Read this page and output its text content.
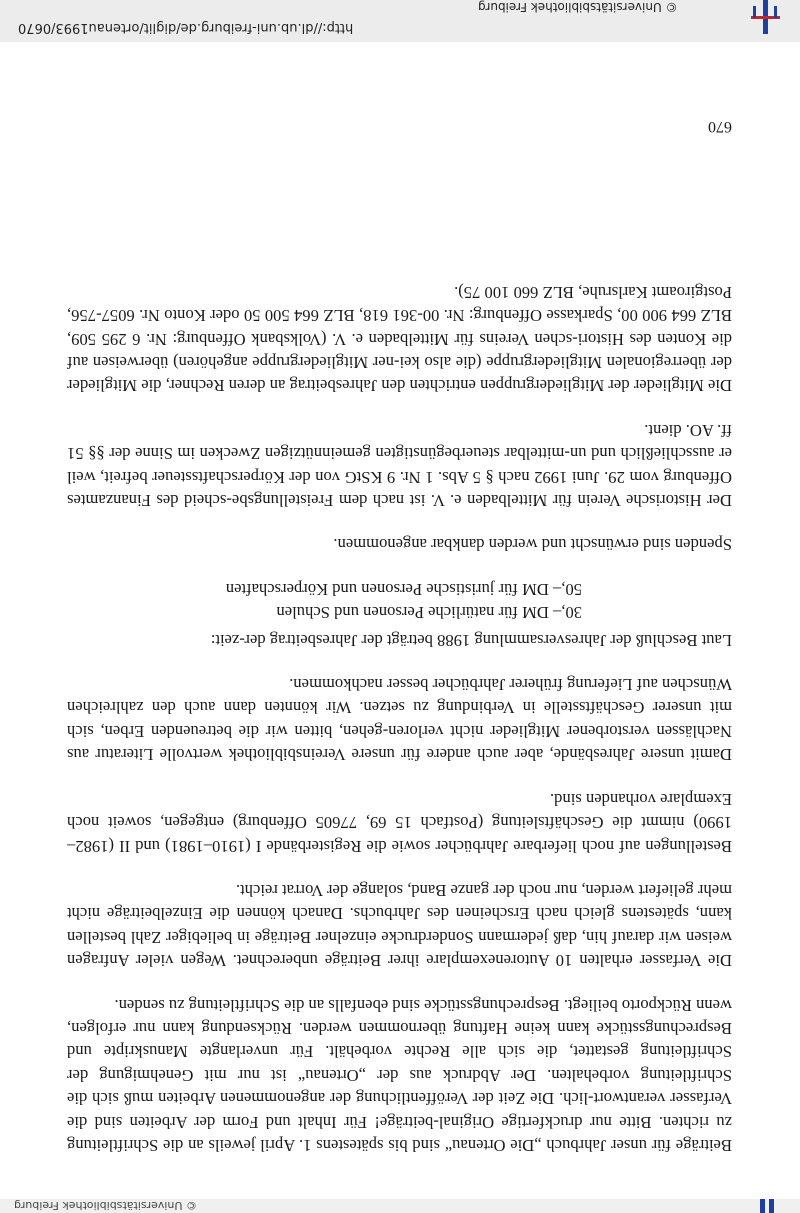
© Universitätsbibliothek Freiburg
http://dl.ub.uni-freiburg.de/diglit/ortenau1993/0670

Beiträge für unser Jahrbuch „Die Ortenau“ sind bis spätestens 1. April jeweils an die Schriftleitung zu richten. Bitte nur druckfertige Original-beiträge! Für Inhalt und Form der Arbeiten sind die Verfasser verantwort-lich. Die Zeit der Veröffentlichung der angenommenen Arbeiten muß sich die Schriftleitung vorbehalten. Der Abdruck aus der „Ortenau“ ist nur mit Genehmigung der Schriftleitung gestattet, die sich alle Rechte vorbehält. Für unverlangte Manuskripte und Besprechungsstücke kann keine Haftung übernommen werden. Rücksendung kann nur erfolgen, wenn Rückporto beiliegt. Besprechungsstücke sind ebenfalls an die Schriftleitung zu senden.

Die Verfasser erhalten 10 Autorenexemplare ihrer Beiträge unberechnet. Wegen vieler Anfragen weisen wir darauf hin, daß jedermann Sonderdrucke einzelner Beiträge in beliebiger Zahl bestellen kann, spätestens gleich nach Erscheinen des Jahrbuchs. Danach können die Einzelbeiträge nicht mehr geliefert werden, nur noch der ganze Band, solange der Vorrat reicht.

Bestellungen auf noch lieferbare Jahrbücher sowie die Registerbände I (1910–1981) und II (1982–1990) nimmt die Geschäftsleitung (Postfach 15 69, 77605 Offenburg) entgegen, soweit noch Exemplare vorhanden sind.

Damit unsere Jahresbände, aber auch andere für unsere Vereinsbibliothek wertvolle Literatur aus Nachlässen verstorbener Mitglieder nicht verloren-gehen, bitten wir die betreuenden Erben, sich mit unserer Geschäftsstelle in Verbindung zu setzen. Wir könnten dann auch den zahlreichen Wünschen auf Lieferung früherer Jahrbücher besser nachkommen.

Laut Beschluß der Jahresversammlung 1988 beträgt der Jahresbeitrag der-zeit:

30,– DM für natürliche Personen und Schulen
50,– DM für juristische Personen und Körperschaften

Spenden sind erwünscht und werden dankbar angenommen.

Der Historische Verein für Mittelbaden e. V. ist nach dem Freistellungsbe-scheid des Finanzamtes Offenburg vom 29. Juni 1992 nach § 5 Abs. 1 Nr. 9 KStG von der Körperschaftssteuer befreit, weil er ausschließlich und un-mittelbar steuerbegünstigten gemeinnützigen Zwecken im Sinne der §§ 51 ff. AO. dient.

Die Mitglieder der Mitgliedergruppen entrichten den Jahresbeitrag an deren Rechner, die Mitglieder der überregionalen Mitgliedergruppe (die also kei-ner Mitgliedergruppe angehören) überweisen auf die Konten des Histori-schen Vereins für Mittelbaden e. V. (Volksbank Offenburg: Nr. 6 295 509, BLZ 664 900 00, Sparkasse Offenburg: Nr. 00-361 618, BLZ 664 500 50 oder Konto Nr. 6057-756, Postgiroamt Karlsruhe, BLZ 660 100 75).

670
© Universitätsbibliothek Freiburg
